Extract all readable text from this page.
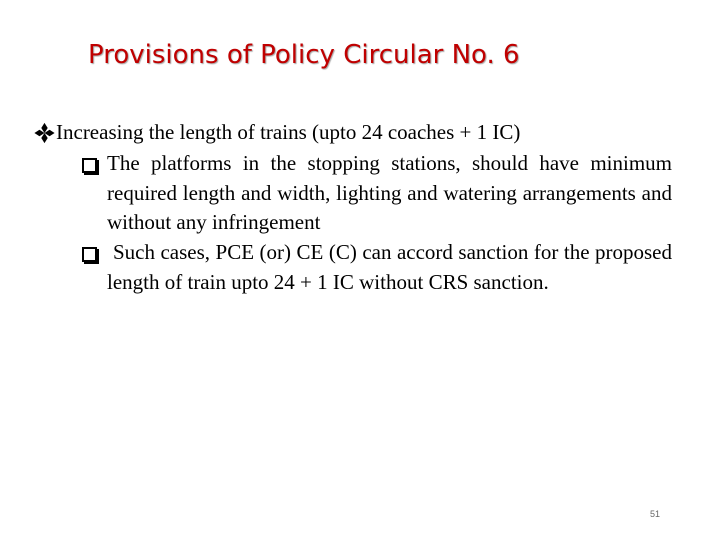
Provisions of Policy Circular No. 6
Increasing the length of trains (upto 24 coaches + 1 IC)
The platforms in the stopping stations, should have minimum required length and width, lighting and watering arrangements and without any infringement
Such cases, PCE (or) CE (C) can accord sanction for the proposed length of train upto 24 + 1 IC without CRS sanction.
51
